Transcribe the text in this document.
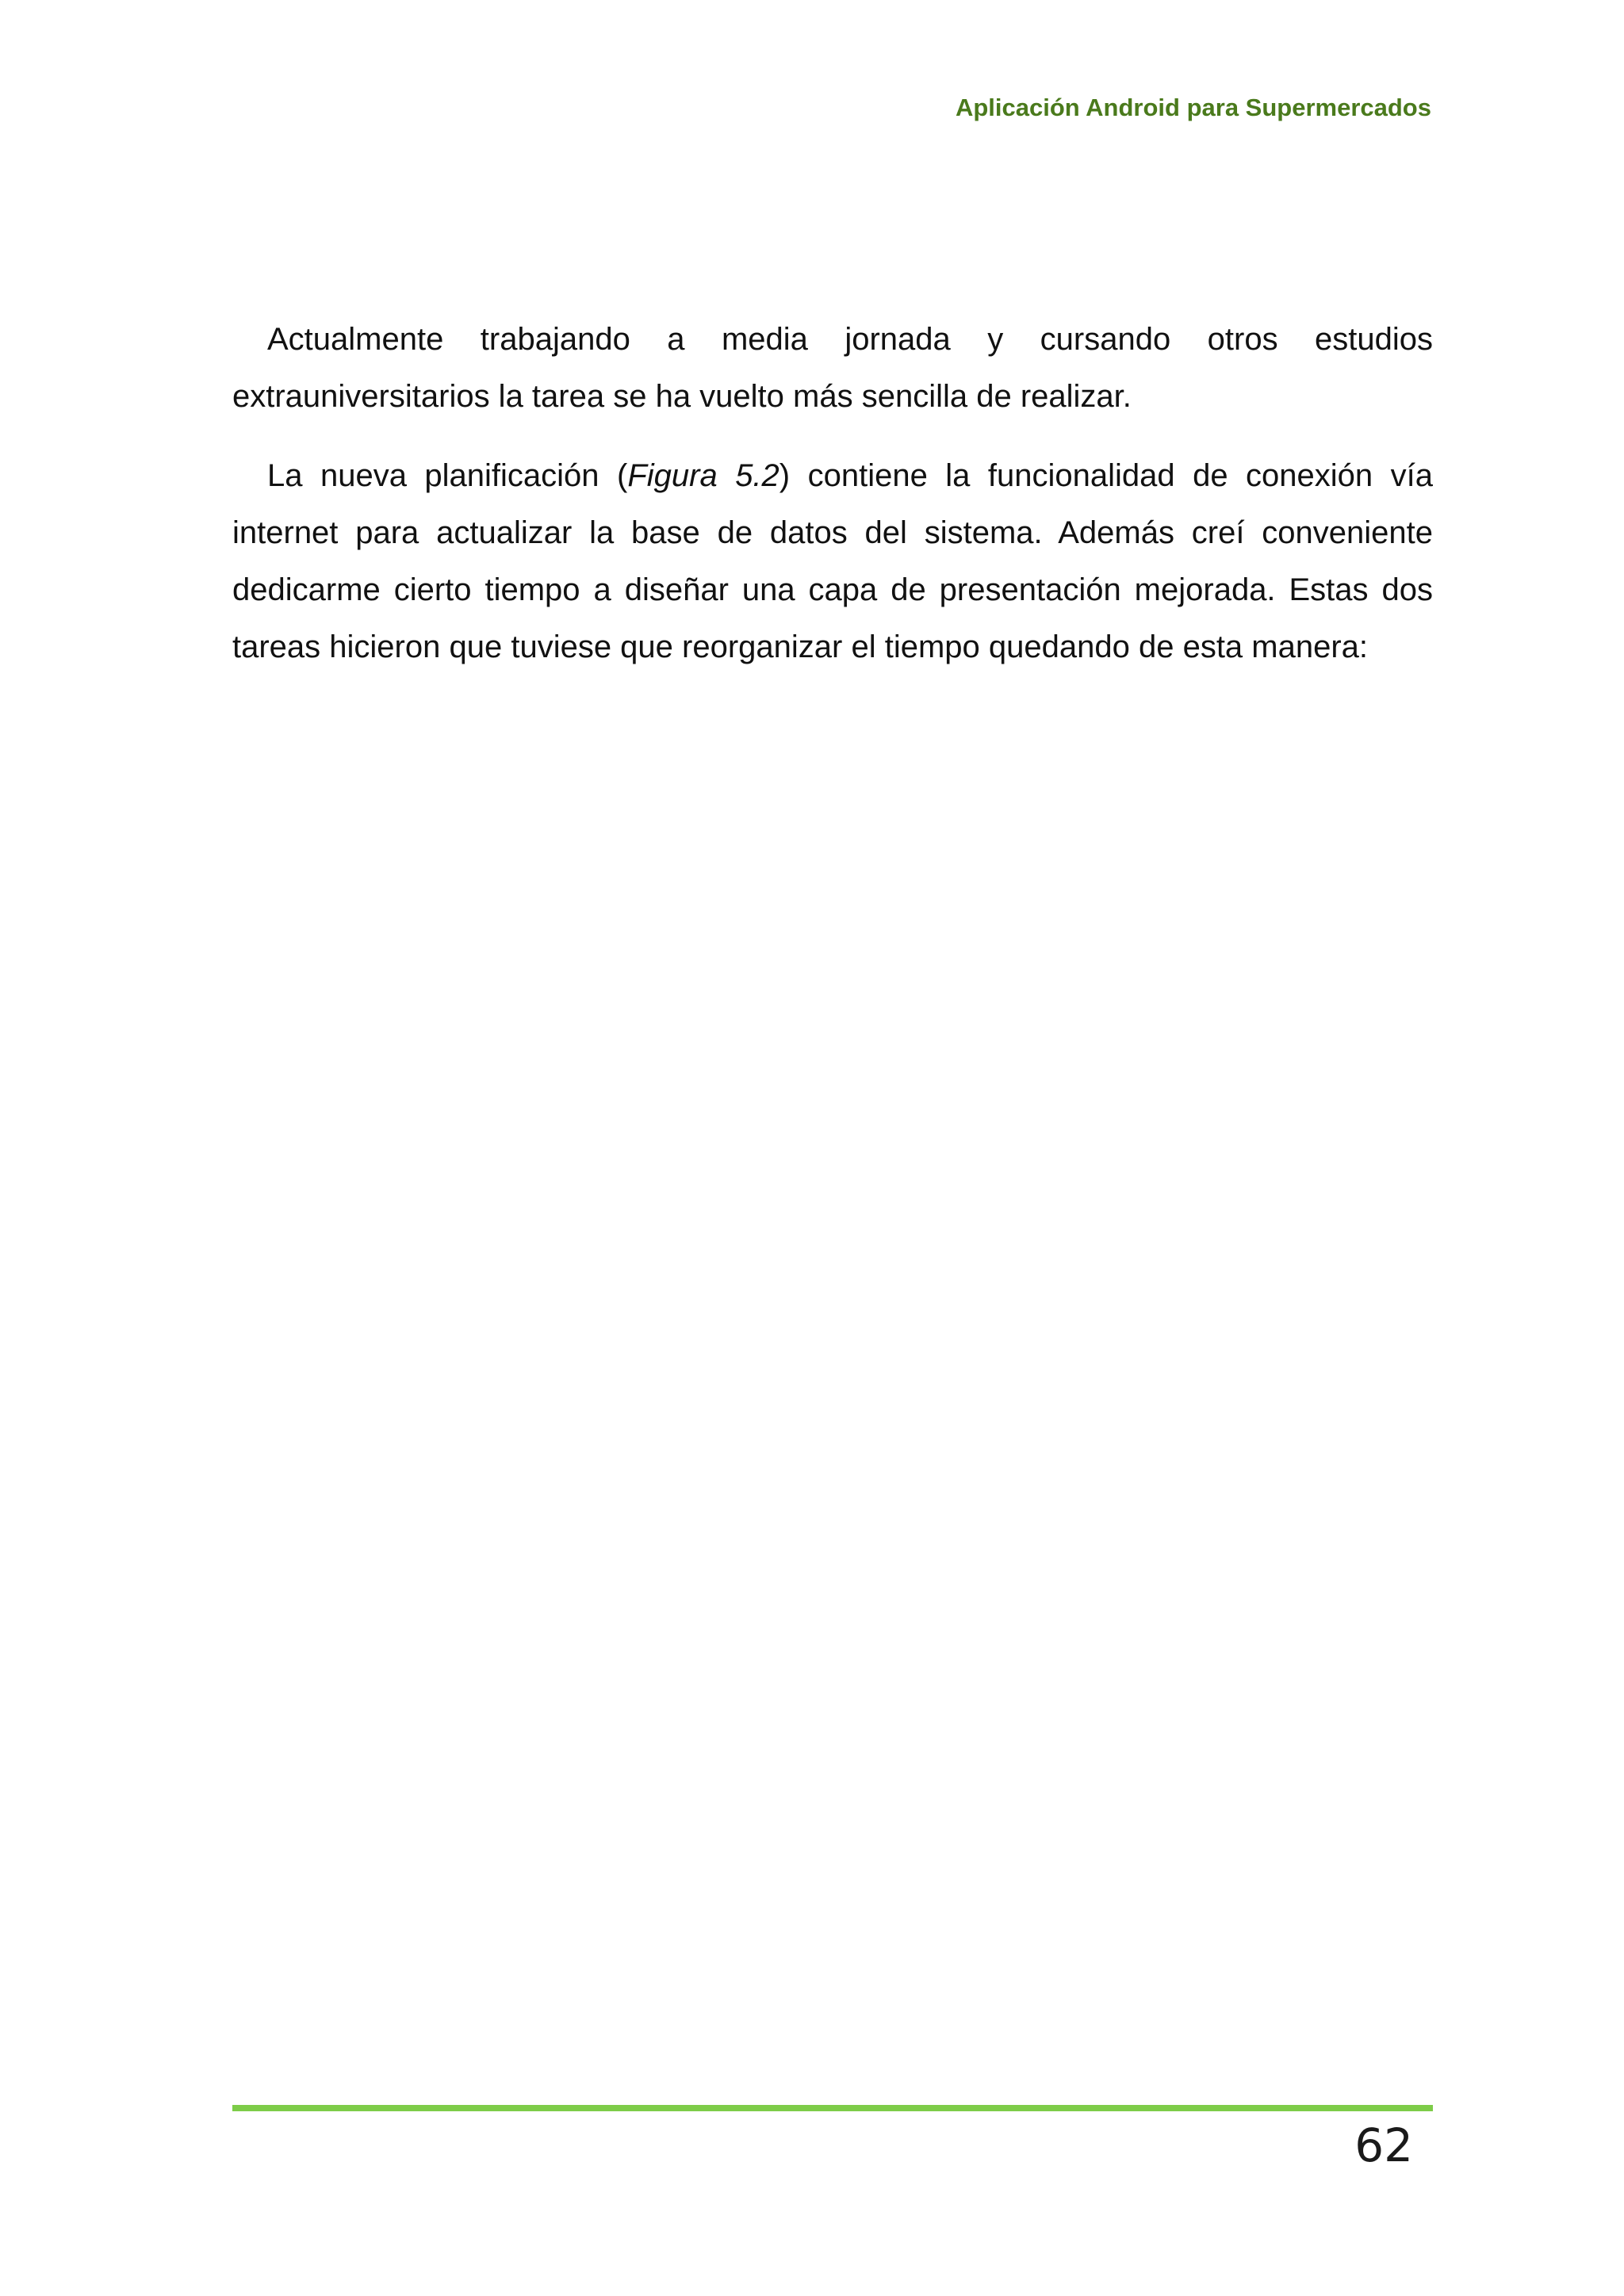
Aplicación Android para Supermercados

Actualmente trabajando a media jornada y cursando otros estudios extrauniversitarios la tarea se ha vuelto más sencilla de realizar.

La nueva planificación (Figura 5.2) contiene la funcionalidad de conexión vía internet para actualizar la base de datos del sistema. Además creí conveniente dedicarme cierto tiempo a diseñar una capa de presentación mejorada. Estas dos tareas hicieron que tuviese que reorganizar el tiempo quedando de esta manera:

62
